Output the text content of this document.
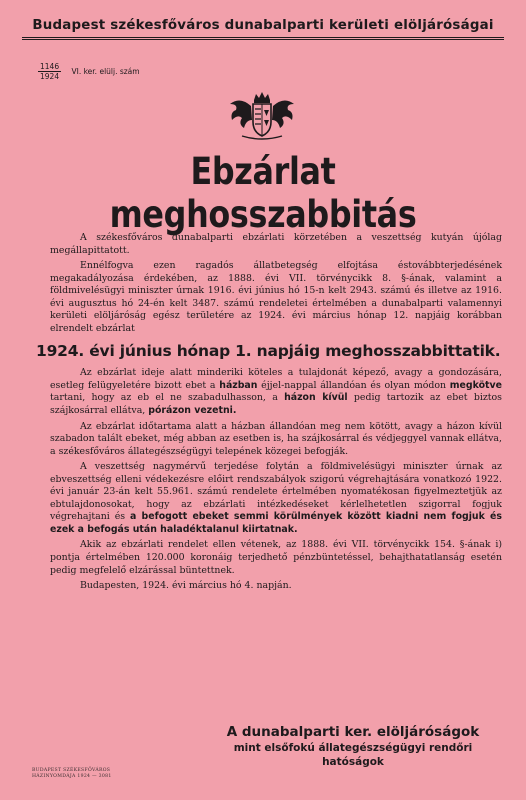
Budapest székesfőváros dunabalparti kerületi elöljáróságai
$\frac{1146}{1924}$ VI. ker. elülj. szám
Ebzárlat meghosszabbitás

A székesfőváros dunabalparti ebzárlati körzetében a veszettség kutyán újólag megállapittatott.

Ennélfogva ezen ragadós állatbetegség elfojtása éstovábbterjedésének megakadályozása érdekében, az 1888. évi VII. törvénycikk 8. §-ának, valamint a földmivelésügyi miniszter úrnak 1916. évi június hó 15-n kelt 2943. számú és illetve az 1916. évi augusztus hó 24-én kelt 3487. számú rendeletei értelmében a dunabalparti valamennyi kerületi elöljáróság egész területére az 1924. évi március hónap 12. napjáig korábban elrendelt ebzárlat

1924. évi június hónap 1. napjáig meghosszabbittatik.

Az ebzárlat ideje alatt minderiki köteles a tulajdonát képező, avagy a gondozására, esetleg felügyeletére bizott ebet a házban éjjel-nappal állandóan és olyan módon megkötve tartani, hogy az eb el ne szabadulhasson, a házon kívül pedig tartozik az ebet biztos szájkosárral ellátva, pórázon vezetni.

Az ebzárlat időtartama alatt a házban állandóan meg nem kötött, avagy a házon kívül szabadon talált ebeket, még abban az esetben is, ha szájkosárral és védjeggyel vannak ellátva, a székesfőváros állategészségügyi telepének közegei befogják.

A veszettség nagymérvű terjedése folytán a földmivelésügyi miniszter úrnak az ebveszettség elleni védekezésre előirt rendszabályok szigorú végrehajtására vonatkozó 1922. évi január 23-án kelt 55.961. számú rendelete értelmében nyomatékosan figyelmeztetjük az ebtulajdonosokat, hogy az ebzárlati intézkedéseket kérlelhetetlen szigorral fogjuk végrehajtani és a befogott ebeket semmi körülmények között kiadni nem fogjuk és ezek a befogás után haladéktalanul kiirtatnak.

Akik az ebzárlati rendelet ellen vétenek, az 1888. évi VII. törvénycikk 154. §-ának i) pontja értelmében 120.000 koronáig terjedhető pénzbüntetéssel, behajthatatlanság esetén pedig megfelelő elzárással büntettnek.

Budapesten, 1924. évi március hó 4. napján.

A dunabalparti ker. elöljáróságok
mint elsőfokú állategészségügyi rendőri hatóságok
BUDAPEST SZÉKESFŐVÁROS
HÁZINYOMDÁJA 1924 — 3081
